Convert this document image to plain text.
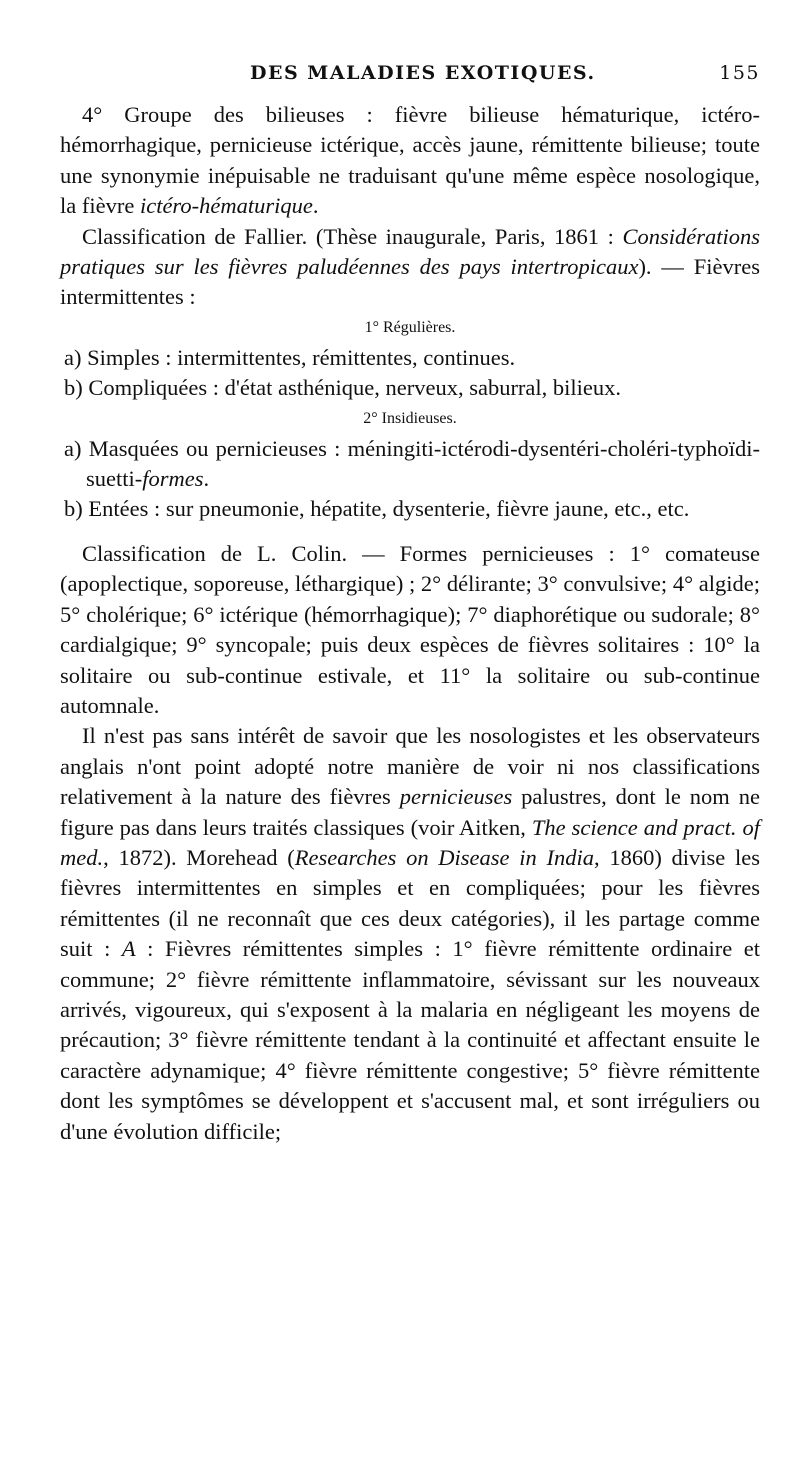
DES MALADIES EXOTIQUES.	155

4° Groupe des bilieuses : fièvre bilieuse hématurique, ictéro-hémorrhagique, pernicieuse ictérique, accès jaune, rémittente bilieuse; toute une synonymie inépuisable ne traduisant qu'une même espèce nosologique, la fièvre ictéro-hématurique.

Classification de Fallier. (Thèse inaugurale, Paris, 1861 : Considérations pratiques sur les fièvres paludéennes des pays intertropicaux). — Fièvres intermittentes :

1° Régulières.

a) Simples : intermittentes, rémittentes, continues.

b) Compliquées : d'état asthénique, nerveux, saburral, bilieux.

2° Insidieuses.

a) Masquées ou pernicieuses : méningiti-ictérodi-dysentéri-choléri-typhoïdi-suetti-formes.

b) Entées : sur pneumonie, hépatite, dysenterie, fièvre jaune, etc., etc.

Classification de L. Colin. — Formes pernicieuses : 1° comateuse (apoplectique, soporeuse, léthargique) ; 2° délirante; 3° convulsive; 4° algide; 5° cholérique; 6° ictérique (hémorrhagique); 7° diaphorétique ou sudorale; 8° cardialgique; 9° syncopale; puis deux espèces de fièvres solitaires : 10° la solitaire ou sub-continue estivale, et 11° la solitaire ou sub-continue automnale.

Il n'est pas sans intérêt de savoir que les nosologistes et les observateurs anglais n'ont point adopté notre manière de voir ni nos classifications relativement à la nature des fièvres pernicieuses palustres, dont le nom ne figure pas dans leurs traités classiques (voir Aitken, The science and pract. of med., 1872). Morehead (Researches on Disease in India, 1860) divise les fièvres intermittentes en simples et en compliquées; pour les fièvres rémittentes (il ne reconnaît que ces deux catégories), il les partage comme suit : A : Fièvres rémittentes simples : 1° fièvre rémittente ordinaire et commune; 2° fièvre rémittente inflammatoire, sévissant sur les nouveaux arrivés, vigoureux, qui s'exposent à la malaria en négligeant les moyens de précaution; 3° fièvre rémittente tendant à la continuité et affectant ensuite le caractère adynamique; 4° fièvre rémittente congestive; 5° fièvre rémittente dont les symptômes se développent et s'accusent mal, et sont irréguliers ou d'une évolution difficile;
